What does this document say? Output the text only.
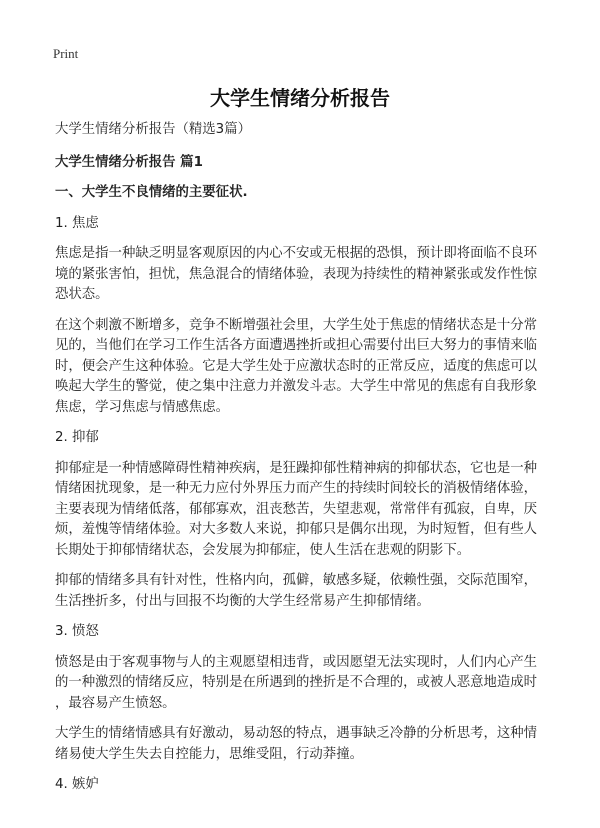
Print
大学生情绪分析报告

大学生情绪分析报告（精选3篇）

大学生情绪分析报告 篇1

一、大学生不良情绪的主要征状.

1. 焦虑

焦虑是指一种缺乏明显客观原因的内心不安或无根据的恐惧，预计即将面临不良环
境的紧张害怕，担忧，焦急混合的情绪体验，表现为持续性的精神紧张或发作性惊
恐状态。

在这个刺激不断增多，竞争不断增强社会里，大学生处于焦虑的情绪状态是十分常
见的，当他们在学习工作生活各方面遭遇挫折或担心需要付出巨大努力的事情来临
时，便会产生这种体验。它是大学生处于应激状态时的正常反应，适度的焦虑可以
唤起大学生的警觉，使之集中注意力并激发斗志。大学生中常见的焦虑有自我形象
焦虑，学习焦虑与情感焦虑。

2. 抑郁

抑郁症是一种情感障碍性精神疾病，是狂躁抑郁性精神病的抑郁状态，它也是一种
情绪困扰现象，是一种无力应付外界压力而产生的持续时间较长的消极情绪体验，
主要表现为情绪低落，郁郁寡欢，沮丧愁苦，失望悲观，常常伴有孤寂，自卑，厌
烦，羞愧等情绪体验。对大多数人来说，抑郁只是偶尔出现，为时短暂，但有些人
长期处于抑郁情绪状态，会发展为抑郁症，使人生活在悲观的阴影下。

抑郁的情绪多具有针对性，性格内向，孤僻，敏感多疑，依赖性强，交际范围窄，
生活挫折多，付出与回报不均衡的大学生经常易产生抑郁情绪。

3. 愤怒

愤怒是由于客观事物与人的主观愿望相违背，或因愿望无法实现时，人们内心产生
的一种激烈的情绪反应，特别是在所遇到的挫折是不合理的，或被人恶意地造成时
，最容易产生愤怒。

大学生的情绪情感具有好激动，易动怒的特点，遇事缺乏冷静的分析思考，这种情
绪易使大学生失去自控能力，思维受阻，行动莽撞。

4. 嫉妒
